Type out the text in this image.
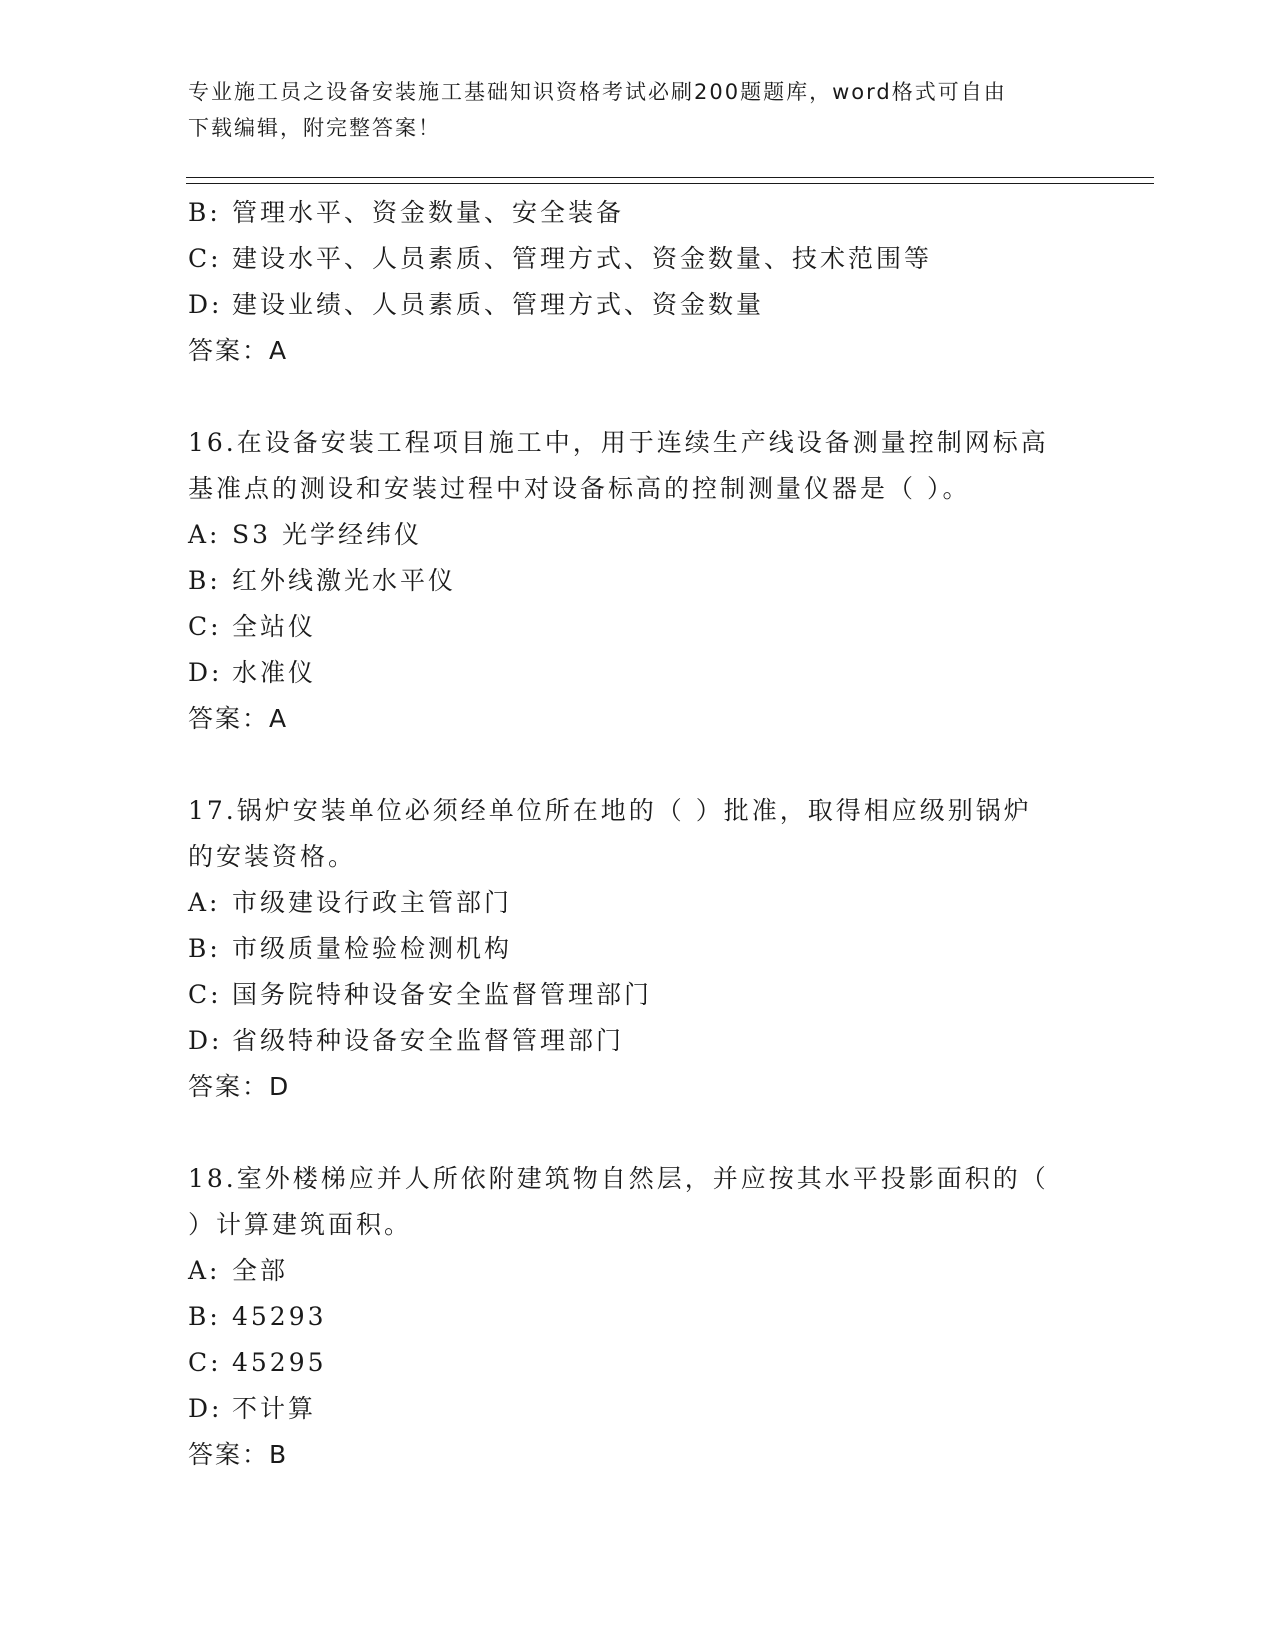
专业施工员之设备安装施工基础知识资格考试必刷200题题库，word格式可自由
下载编辑，附完整答案！
B: 管理水平、资金数量、安全装备
C: 建设水平、人员素质、管理方式、资金数量、技术范围等
D: 建设业绩、人员素质、管理方式、资金数量
答案：A
16.在设备安装工程项目施工中，用于连续生产线设备测量控制网标高
基准点的测设和安装过程中对设备标高的控制测量仪器是（ ）。
A: S3 光学经纬仪
B: 红外线激光水平仪
C: 全站仪
D: 水准仪
答案：A
17.锅炉安装单位必须经单位所在地的（ ）批准，取得相应级别锅炉
的安装资格。
A: 市级建设行政主管部门
B: 市级质量检验检测机构
C: 国务院特种设备安全监督管理部门
D: 省级特种设备安全监督管理部门
答案：D
18.室外楼梯应并人所依附建筑物自然层，并应按其水平投影面积的（
）计算建筑面积。
A: 全部
B: 45293
C: 45295
D: 不计算
答案：B
